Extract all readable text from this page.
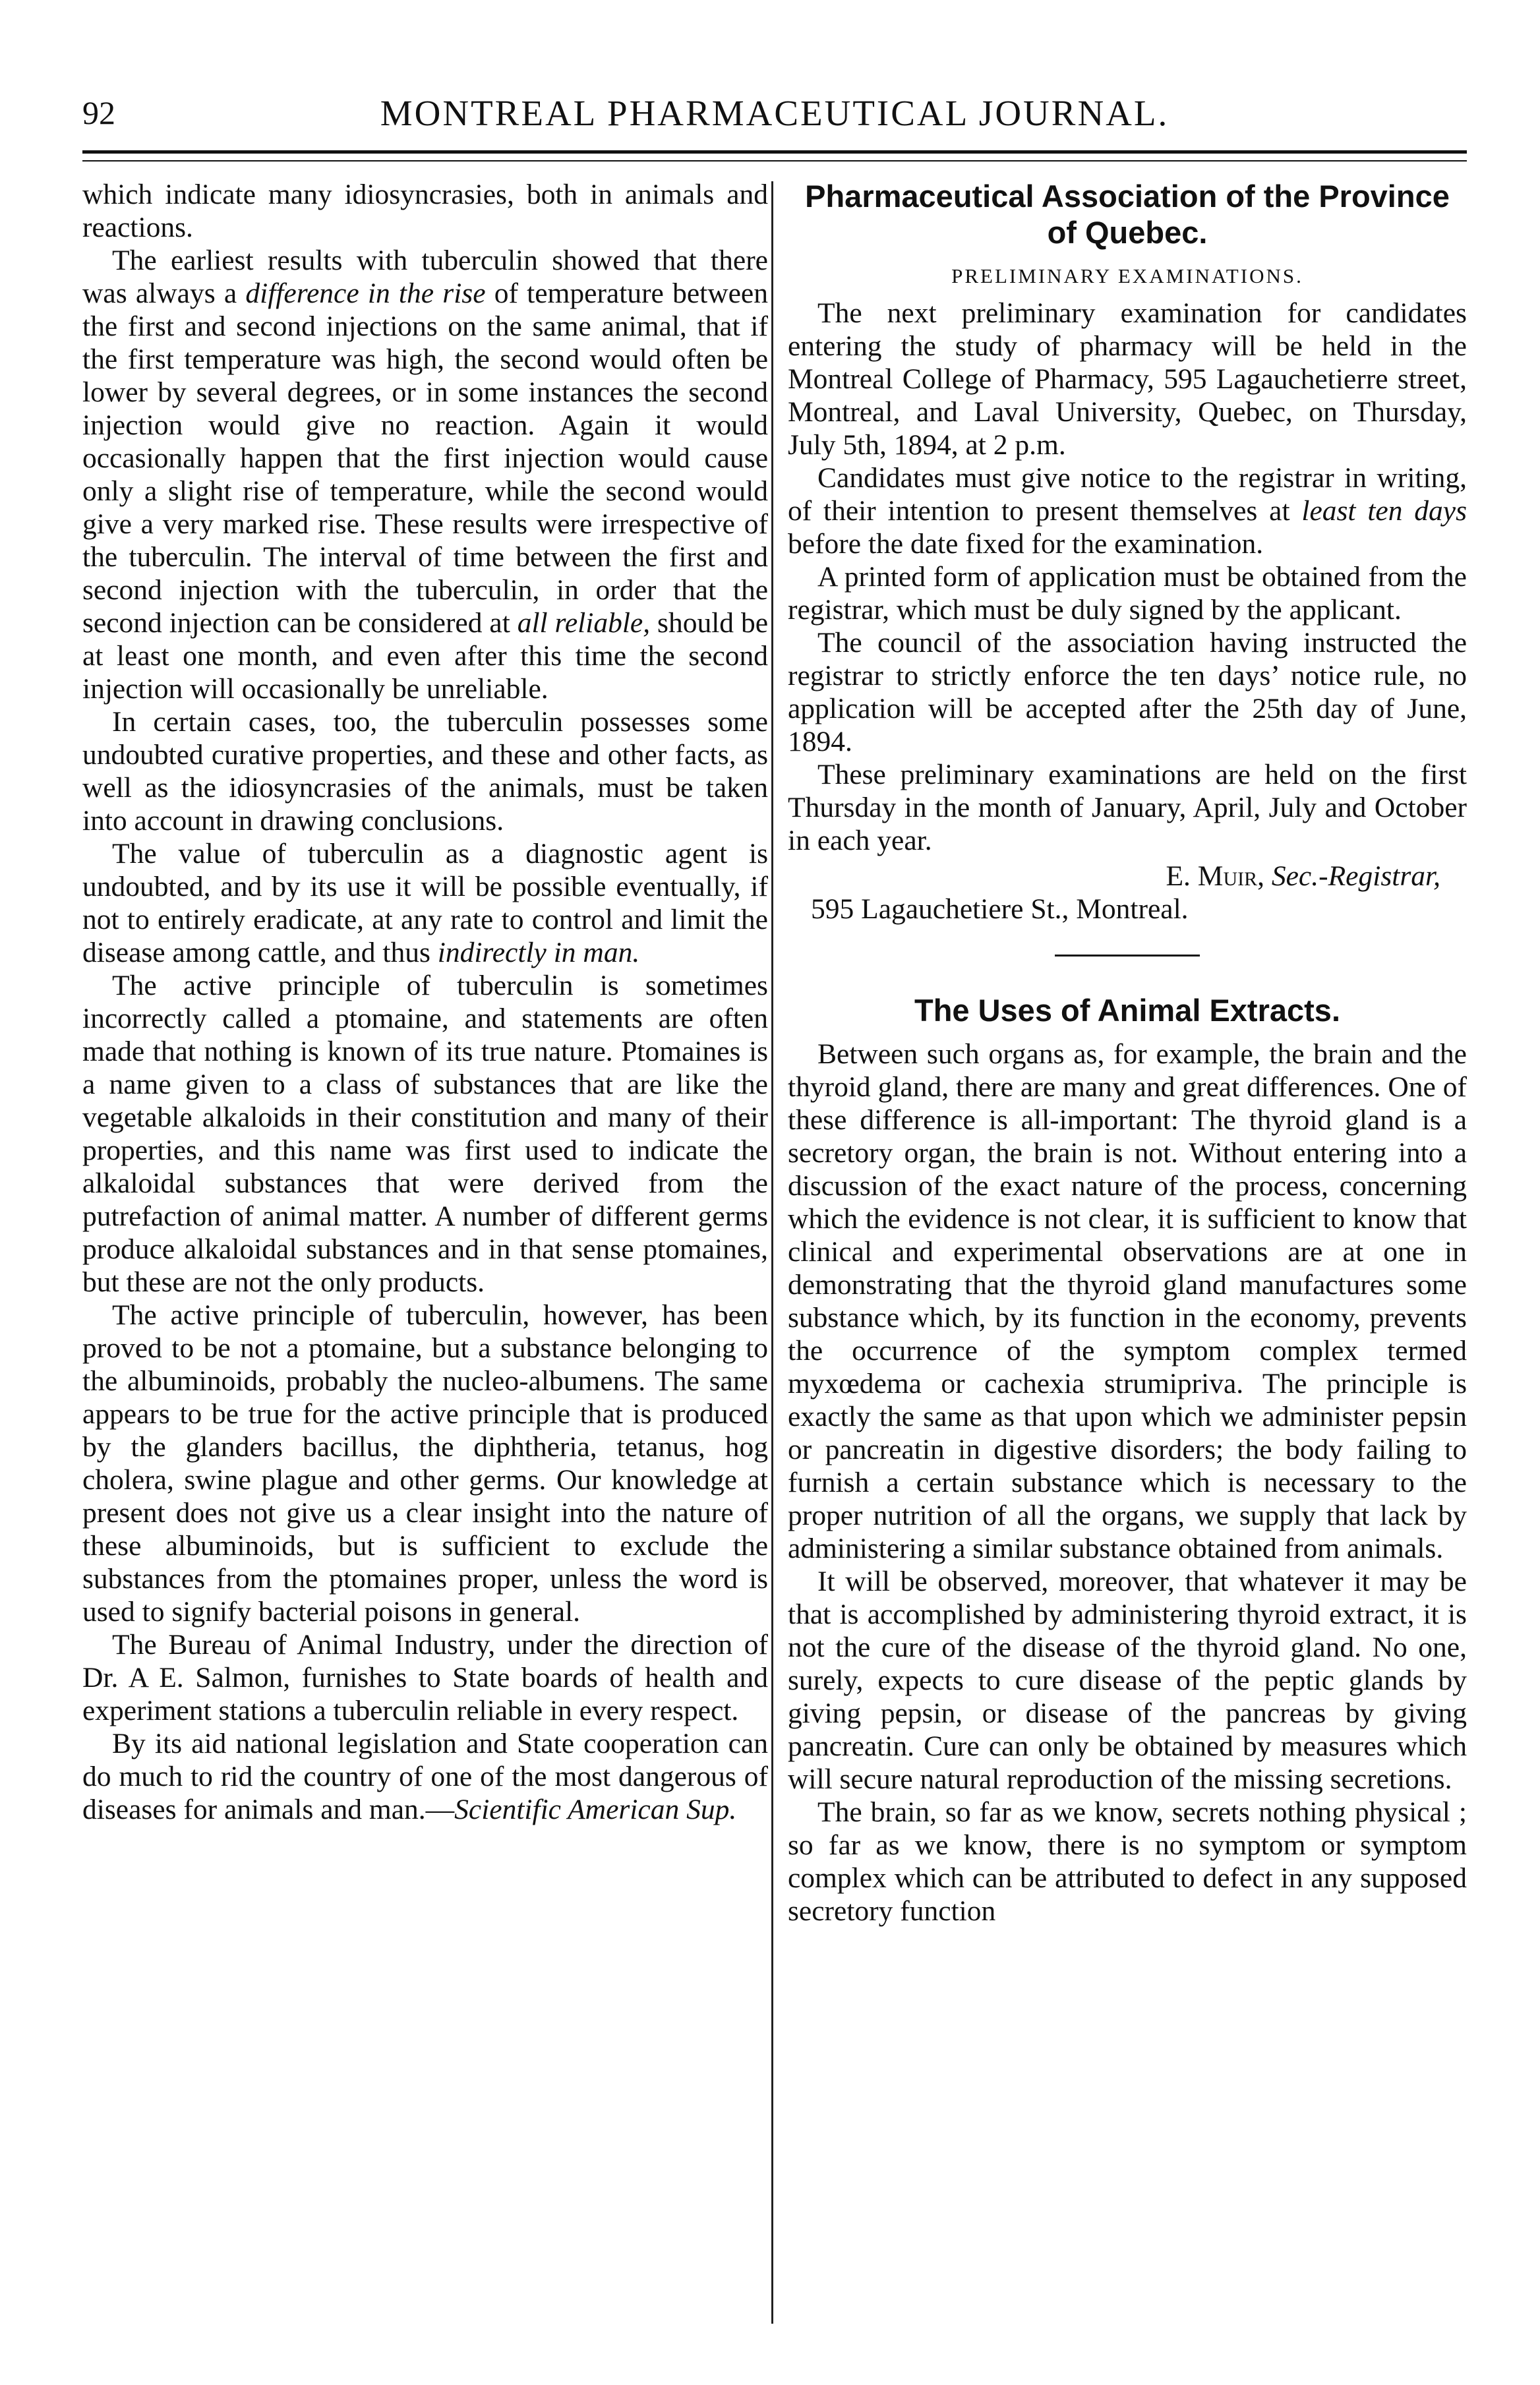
92	MONTREAL PHARMACEUTICAL JOURNAL.

which indicate many idiosyncrasies, both in animals and reactions.

The earliest results with tuberculin showed that there was always a difference in the rise of temperature between the first and second injections on the same animal, that if the first temperature was high, the second would often be lower by several degrees, or in some instances the second injection would give no reaction. Again it would occasionally happen that the first injection would cause only a slight rise of temperature, while the second would give a very marked rise. These results were irrespective of the tuberculin. The interval of time between the first and second injection with the tuberculin, in order that the second injection can be considered at all reliable, should be at least one month, and even after this time the second injection will occasionally be unreliable.

In certain cases, too, the tuberculin possesses some undoubted curative properties, and these and other facts, as well as the idiosyncrasies of the animals, must be taken into account in drawing conclusions.

The value of tuberculin as a diagnostic agent is undoubted, and by its use it will be possible eventually, if not to entirely eradicate, at any rate to control and limit the disease among cattle, and thus indirectly in man.

The active principle of tuberculin is sometimes incorrectly called a ptomaine, and statements are often made that nothing is known of its true nature. Ptomaines is a name given to a class of substances that are like the vegetable alkaloids in their constitution and many of their properties, and this name was first used to indicate the alkaloidal substances that were derived from the putrefaction of animal matter. A number of different germs produce alkaloidal substances and in that sense ptomaines, but these are not the only products.

The active principle of tuberculin, however, has been proved to be not a ptomaine, but a substance belonging to the albuminoids, probably the nucleo-albumens. The same appears to be true for the active principle that is produced by the glanders bacillus, the diphtheria, tetanus, hog cholera, swine plague and other germs. Our knowledge at present does not give us a clear insight into the nature of these albuminoids, but is sufficient to exclude the substances from the ptomaines proper, unless the word is used to signify bacterial poisons in general.

The Bureau of Animal Industry, under the direction of Dr. A E. Salmon, furnishes to State boards of health and experiment stations a tuberculin reliable in every respect.

By its aid national legislation and State cooperation can do much to rid the country of one of the most dangerous of diseases for animals and man.—Scientific American Sup.

Pharmaceutical Association of the Province of Quebec.
PRELIMINARY EXAMINATIONS.

The next preliminary examination for candidates entering the study of pharmacy will be held in the Montreal College of Pharmacy, 595 Lagauchetierre street, Montreal, and Laval University, Quebec, on Thursday, July 5th, 1894, at 2 p.m.

Candidates must give notice to the registrar in writing, of their intention to present themselves at least ten days before the date fixed for the examination.

A printed form of application must be obtained from the registrar, which must be duly signed by the applicant.

The council of the association having instructed the registrar to strictly enforce the ten days’ notice rule, no application will be accepted after the 25th day of June, 1894.

These preliminary examinations are held on the first Thursday in the month of January, April, July and October in each year.

E. Muir, Sec.-Registrar,

595 Lagauchetiere St., Montreal.

The Uses of Animal Extracts.

Between such organs as, for example, the brain and the thyroid gland, there are many and great differences. One of these difference is all-important: The thyroid gland is a secretory organ, the brain is not. Without entering into a discussion of the exact nature of the process, concerning which the evidence is not clear, it is sufficient to know that clinical and experimental observations are at one in demonstrating that the thyroid gland manufactures some substance which, by its function in the economy, prevents the occurrence of the symptom complex termed myxœdema or cachexia strumipriva. The principle is exactly the same as that upon which we administer pepsin or pancreatin in digestive disorders; the body failing to furnish a certain substance which is necessary to the proper nutrition of all the organs, we supply that lack by administering a similar substance obtained from animals.

It will be observed, moreover, that whatever it may be that is accomplished by administering thyroid extract, it is not the cure of the disease of the thyroid gland. No one, surely, expects to cure disease of the peptic glands by giving pepsin, or disease of the pancreas by giving pancreatin. Cure can only be obtained by measures which will secure natural reproduction of the missing secretions.

The brain, so far as we know, secrets nothing physical ; so far as we know, there is no symptom or symptom complex which can be attributed to defect in any supposed secretory function
